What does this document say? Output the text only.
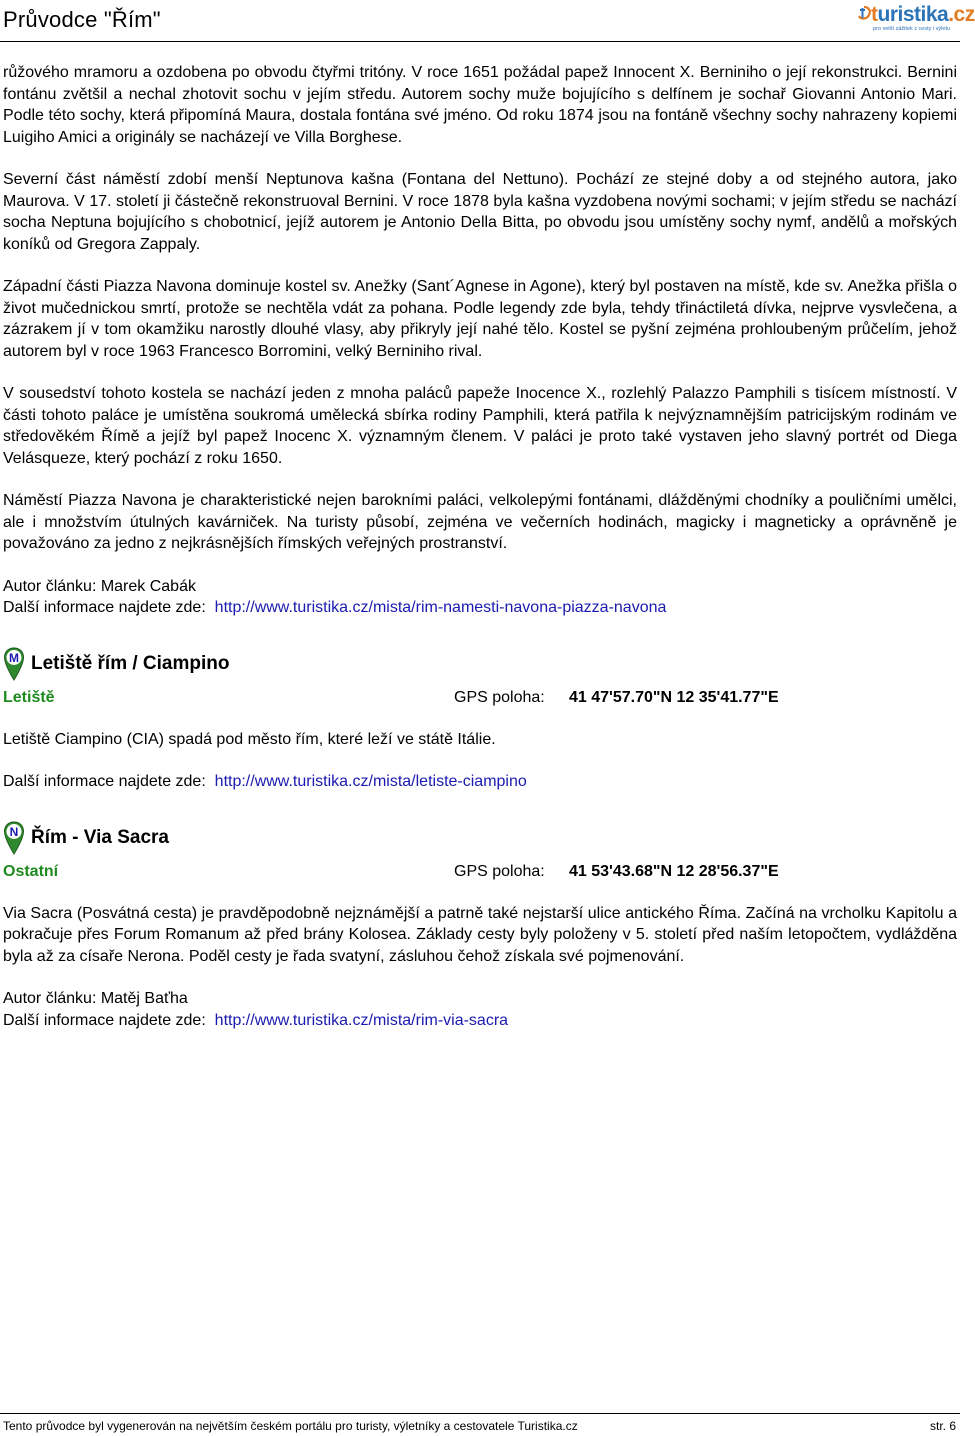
Průvodce "Řím"	turistika.cz
pro vetší zážitek z cesty i výletu

růžového mramoru a ozdobena po obvodu čtyřmi tritóny. V roce 1651 požádal papež Innocent X. Berniniho o její rekonstrukci. Bernini fontánu zvětšil a nechal zhotovit sochu v jejím středu. Autorem sochy muže bojujícího s delfínem je sochař Giovanni Antonio Mari. Podle této sochy, která připomíná Maura, dostala fontána své jméno. Od roku 1874 jsou na fontáně všechny sochy nahrazeny kopiemi Luigiho Amici a originály se nacházejí ve Villa Borghese.

Severní část náměstí zdobí menší Neptunova kašna (Fontana del Nettuno). Pochází ze stejné doby a od stejného autora, jako Maurova. V 17. století ji částečně rekonstruoval Bernini. V roce 1878 byla kašna vyzdobena novými sochami; v jejím středu se nachází socha Neptuna bojujícího s chobotnicí, jejíž autorem je Antonio Della Bitta, po obvodu jsou umístěny sochy nymf, andělů a mořských koníků od Gregora Zappaly.

Západní části Piazza Navona dominuje kostel sv. Anežky (Sant´Agnese in Agone), který byl postaven na místě, kde sv. Anežka přišla o život mučednickou smrtí, protože se nechtěla vdát za pohana. Podle legendy zde byla, tehdy třináctiletá dívka, nejprve vysvlečena, a zázrakem jí v tom okamžiku narostly dlouhé vlasy, aby přikryly její nahé tělo. Kostel se pyšní zejména prohloubeným průčelím, jehož autorem byl v roce 1963 Francesco Borromini, velký Berniniho rival.

V sousedství tohoto kostela se nachází jeden z mnoha paláců papeže Inocence X., rozlehlý Palazzo Pamphili s tisícem místností. V části tohoto paláce je umístěna soukromá umělecká sbírka rodiny Pamphili, která patřila k nejvýznamnějším patricijským rodinám ve středověkém Římě a jejíž byl papež Inocenc X. významným členem. V paláci je proto také vystaven jeho slavný portrét od Diega Velásqueze, který pochází z roku 1650.

Náměstí Piazza Navona je charakteristické nejen barokními paláci, velkolepými fontánami, dlážděnými chodníky a pouličními umělci, ale i množstvím útulných kavárniček. Na turisty působí, zejména ve večerních hodinách, magicky i magneticky a oprávněně je považováno za jedno z nejkrásnějších římských veřejných prostranství.

Autor článku: Marek Cabák

Další informace najdete zde: http://www.turistika.cz/mista/rim-namesti-navona-piazza-navona

M Letiště řím / Ciampino
Letiště	GPS poloha: 41 47'57.70"N 12 35'41.77"E

Letiště Ciampino (CIA) spadá pod město řím, které leží ve státě Itálie.

Další informace najdete zde: http://www.turistika.cz/mista/letiste-ciampino

N Řím - Via Sacra
Ostatní	GPS poloha: 41 53'43.68"N 12 28'56.37"E

Via Sacra (Posvátná cesta) je pravděpodobně nejznámější a patrně také nejstarší ulice antického Říma. Začíná na vrcholku Kapitolu a pokračuje přes Forum Romanum až před brány Kolosea. Základy cesty byly položeny v 5. století před naším letopočtem, vydlážděna byla až za císaře Nerona. Poděl cesty je řada svatyní, zásluhou čehož získala své pojmenování.

Autor článku: Matěj Baťha

Další informace najdete zde: http://www.turistika.cz/mista/rim-via-sacra

Tento průvodce byl vygenerován na největším českém portálu pro turisty, výletníky a cestovatele Turistika.cz	str. 6
